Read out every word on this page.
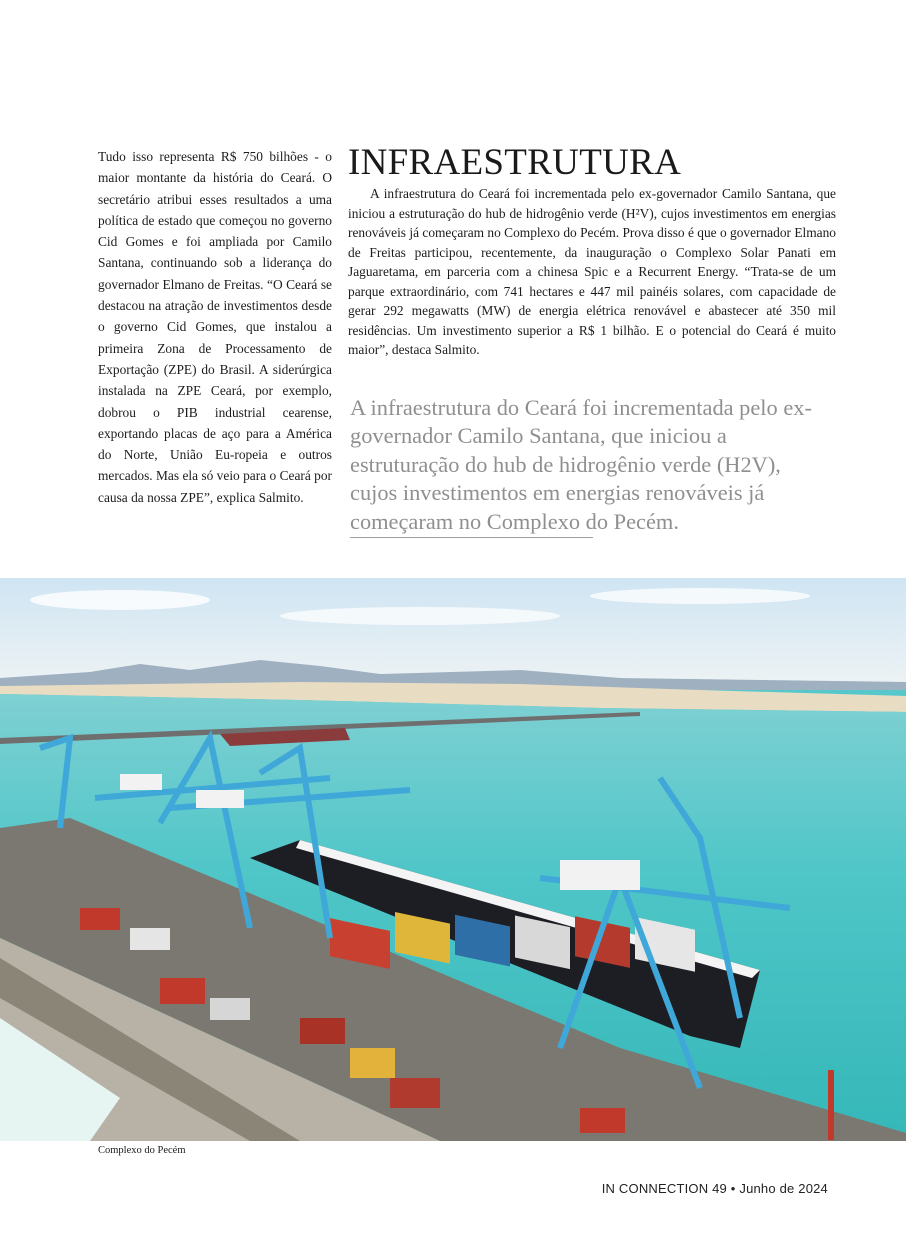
Tudo isso representa R$ 750 bilhões - o maior montante da história do Ceará. O secretário atribui esses resultados a uma política de estado que começou no governo Cid Gomes e foi ampliada por Camilo Santana, continuando sob a liderança do governador Elmano de Freitas. “O Ceará se destacou na atração de investimentos desde o governo Cid Gomes, que instalou a primeira Zona de Processamento de Exportação (ZPE) do Brasil. A siderúrgica instalada na ZPE Ceará, por exemplo, dobrou o PIB industrial cearense, exportando placas de aço para a América do Norte, União Eu-ropeia e outros mercados. Mas ela só veio para o Ceará por causa da nossa ZPE”, explica Salmito.

INFRAESTRUTURA

A infraestrutura do Ceará foi incrementada pelo ex-governador Camilo Santana, que iniciou a estruturação do hub de hidrogênio verde (H²V), cujos investimentos em energias renováveis já começaram no Complexo do Pecém. Prova disso é que o governador Elmano de Freitas participou, recentemente, da inauguração o Complexo Solar Panati em Jaguaretama, em parceria com a chinesa Spic e a Recurrent Energy. “Trata-se de um parque extraordinário, com 741 hectares e 447 mil painéis solares, com capacidade de gerar 292 megawatts (MW) de energia elétrica renovável e abastecer até 350 mil residências. Um investimento superior a R$ 1 bilhão. E o potencial do Ceará é muito maior”, destaca Salmito.

A infraestrutura do Ceará foi incrementada pelo ex-governador Camilo Santana, que iniciou a estruturação do hub de hidrogênio verde (H2V), cujos investimentos em energias renováveis já começaram no Complexo do Pecém.

Complexo do Pecém
IN CONNECTION 49 • Junho de 2024
